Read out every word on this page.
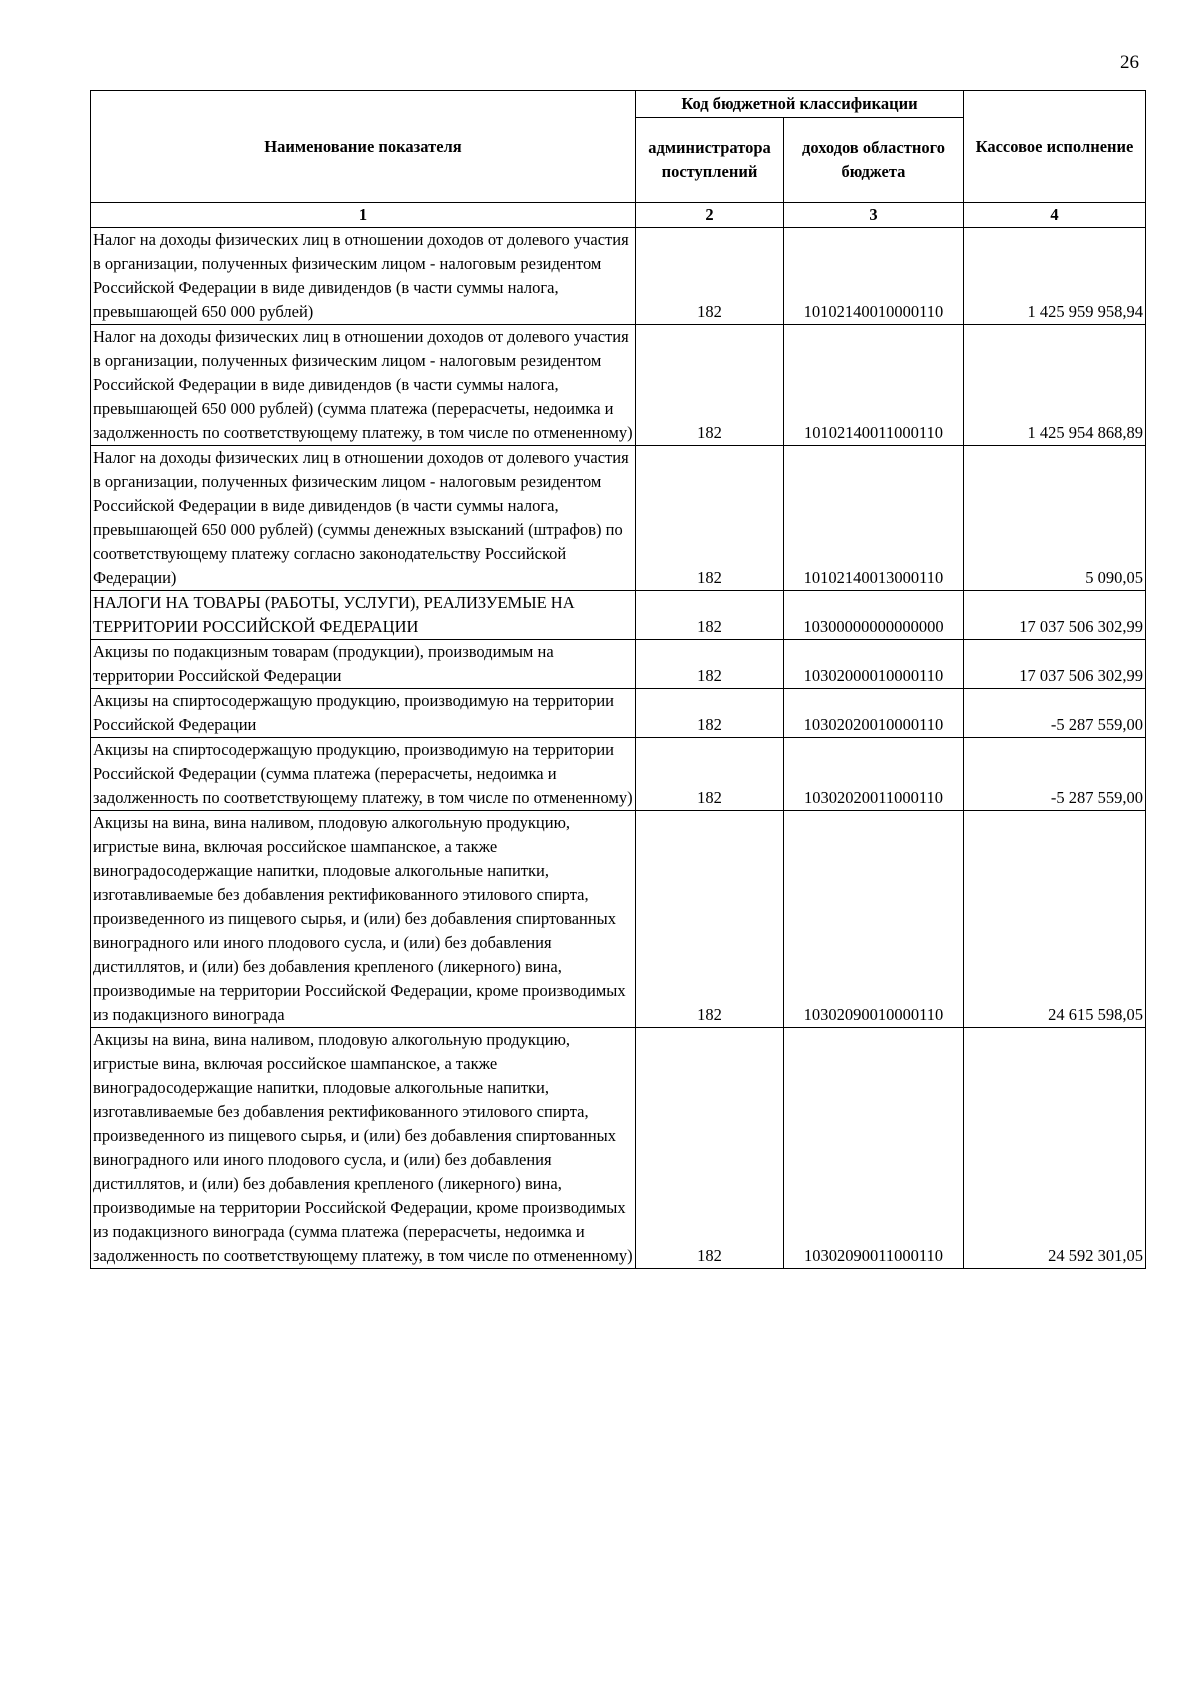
26
Наименование показателя	Код бюджетной классификации		Кассовое исполнение
	администратора поступлений	доходов областного бюджета	
1	2	3	4
Налог на доходы физических лиц в отношении доходов от долевого участия в организации, полученных физическим лицом - налоговым резидентом Российской Федерации в виде дивидендов (в части суммы налога, превышающей 650 000 рублей)	182	10102140010000110	1 425 959 958,94
Налог на доходы физических лиц в отношении доходов от долевого участия в организации, полученных физическим лицом - налоговым резидентом Российской Федерации в виде дивидендов (в части суммы налога, превышающей 650 000 рублей) (сумма платежа (перерасчеты, недоимка и задолженность по соответствующему платежу, в том числе по отмененному)	182	10102140011000110	1 425 954 868,89
Налог на доходы физических лиц в отношении доходов от долевого участия в организации, полученных физическим лицом - налоговым резидентом Российской Федерации в виде дивидендов (в части суммы налога, превышающей 650 000 рублей) (суммы денежных взысканий (штрафов) по соответствующему платежу согласно законодательству Российской Федерации)	182	10102140013000110	5 090,05
НАЛОГИ НА ТОВАРЫ (РАБОТЫ, УСЛУГИ), РЕАЛИЗУЕМЫЕ НА ТЕРРИТОРИИ РОССИЙСКОЙ ФЕДЕРАЦИИ	182	10300000000000000	17 037 506 302,99
Акцизы по подакцизным товарам (продукции), производимым на территории Российской Федерации	182	10302000010000110	17 037 506 302,99
Акцизы на спиртосодержащую продукцию, производимую на территории Российской Федерации	182	10302020010000110	-5 287 559,00
Акцизы на спиртосодержащую продукцию, производимую на территории Российской Федерации (сумма платежа (перерасчеты, недоимка и задолженность по соответствующему платежу, в том числе по отмененному)	182	10302020011000110	-5 287 559,00
Акцизы на вина, вина наливом, плодовую алкогольную продукцию, игристые вина, включая российское шампанское, а также виноградосодержащие напитки, плодовые алкогольные напитки, изготавливаемые без добавления ректификованного этилового спирта, произведенного из пищевого сырья, и (или) без добавления спиртованных виноградного или иного плодового сусла, и (или) без добавления дистиллятов, и (или) без добавления крепленого (ликерного) вина, производимые на территории Российской Федерации, кроме производимых из подакцизного винограда	182	10302090010000110	24 615 598,05
Акцизы на вина, вина наливом, плодовую алкогольную продукцию, игристые вина, включая российское шампанское, а также виноградосодержащие напитки, плодовые алкогольные напитки, изготавливаемые без добавления ректификованного этилового спирта, произведенного из пищевого сырья, и (или) без добавления спиртованных виноградного или иного плодового сусла, и (или) без добавления дистиллятов, и (или) без добавления крепленого (ликерного) вина, производимые на территории Российской Федерации, кроме производимых из подакцизного винограда (сумма платежа (перерасчеты, недоимка и задолженность по соответствующему платежу, в том числе по отмененному)	182	10302090011000110	24 592 301,05
